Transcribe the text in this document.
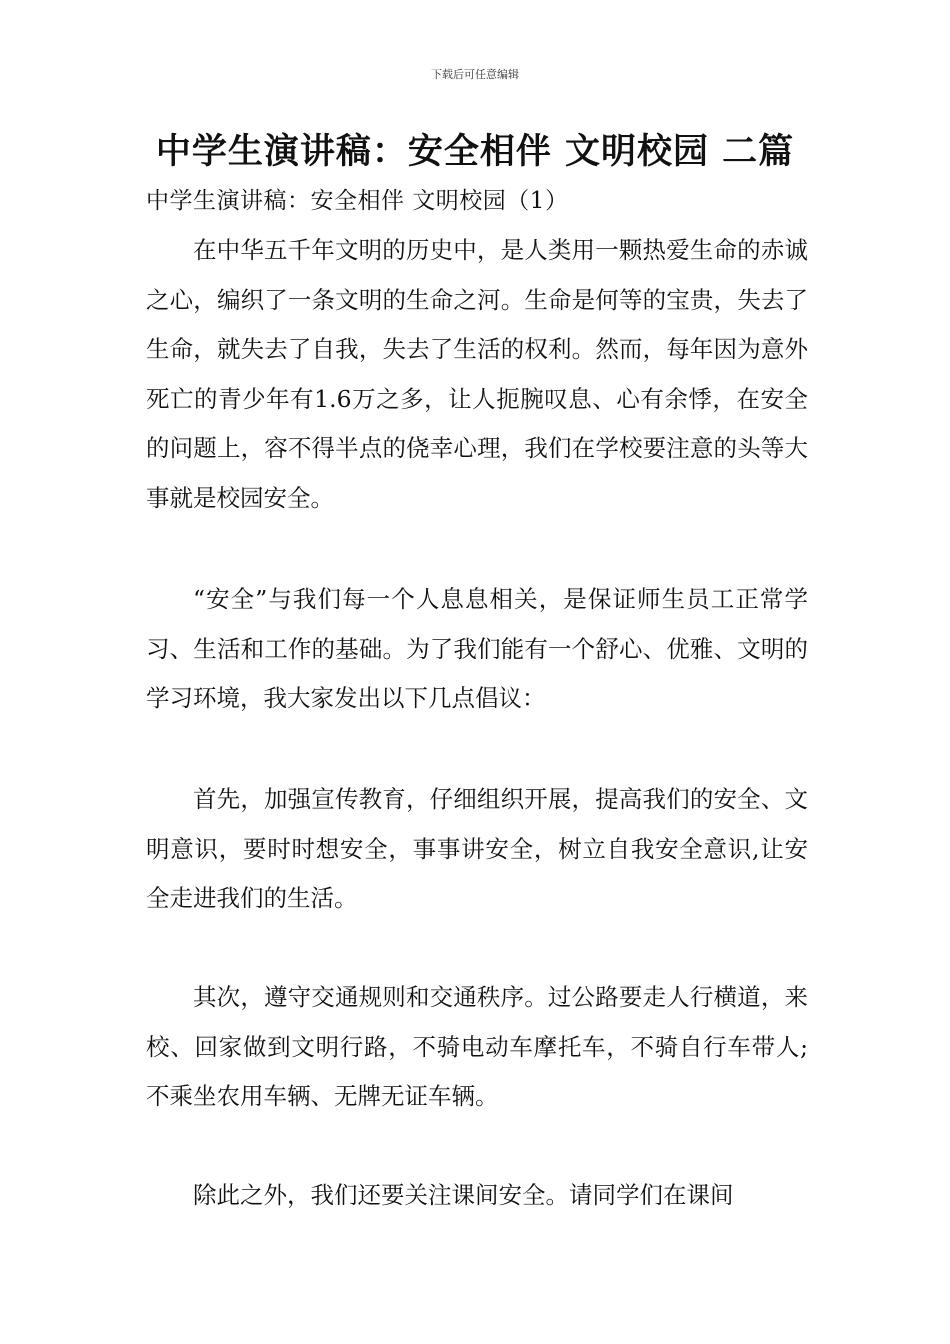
下载后可任意编辑
中学生演讲稿：安全相伴 文明校园 二篇
中学生演讲稿：安全相伴 文明校园（1）

在中华五千年文明的历史中，是人类用一颗热爱生命的赤诚之心，编织了一条文明的生命之河。生命是何等的宝贵，失去了生命，就失去了自我，失去了生活的权利。然而，每年因为意外死亡的青少年有1.6万之多，让人扼腕叹息、心有余悸，在安全的问题上，容不得半点的侥幸心理，我们在学校要注意的头等大事就是校园安全。

“安全”与我们每一个人息息相关，是保证师生员工正常学习、生活和工作的基础。为了我们能有一个舒心、优雅、文明的学习环境，我大家发出以下几点倡议：

首先，加强宣传教育，仔细组织开展，提高我们的安全、文明意识，要时时想安全，事事讲安全，树立自我安全意识,让安全走进我们的生活。

其次，遵守交通规则和交通秩序。过公路要走人行横道，来校、回家做到文明行路，不骑电动车摩托车，不骑自行车带人;不乘坐农用车辆、无牌无证车辆。

除此之外，我们还要关注课间安全。请同学们在课间
